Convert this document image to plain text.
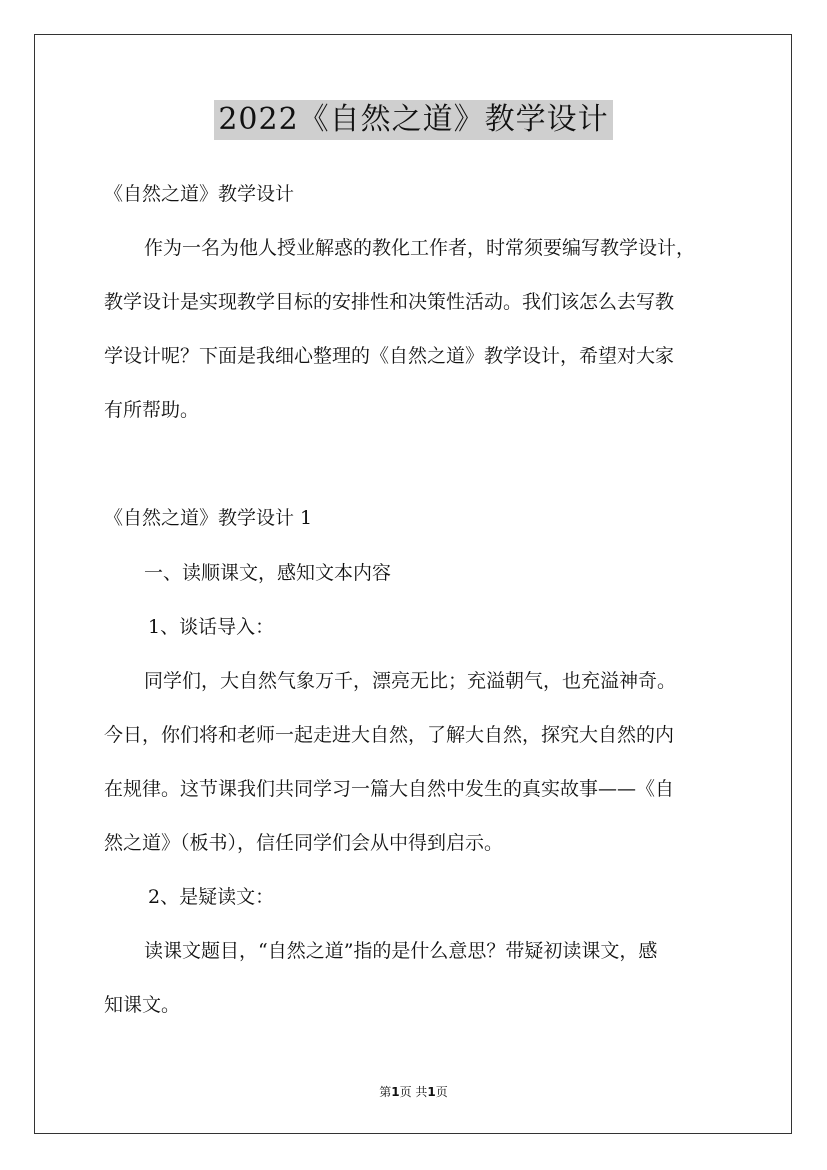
2022《自然之道》教学设计
《自然之道》教学设计
作为一名为他人授业解惑的教化工作者，时常须要编写教学设计，
教学设计是实现教学目标的安排性和决策性活动。我们该怎么去写教
学设计呢？下面是我细心整理的《自然之道》教学设计，希望对大家
有所帮助。
《自然之道》教学设计 1
一、读顺课文，感知文本内容
1、谈话导入：
同学们，大自然气象万千，漂亮无比；充溢朝气，也充溢神奇。
今日，你们将和老师一起走进大自然，了解大自然，探究大自然的内
在规律。这节课我们共同学习一篇大自然中发生的真实故事——《自
然之道》（板书），信任同学们会从中得到启示。
2、是疑读文：
读课文题目，“自然之道”指的是什么意思？带疑初读课文，感
知课文。
第1页 共1页
